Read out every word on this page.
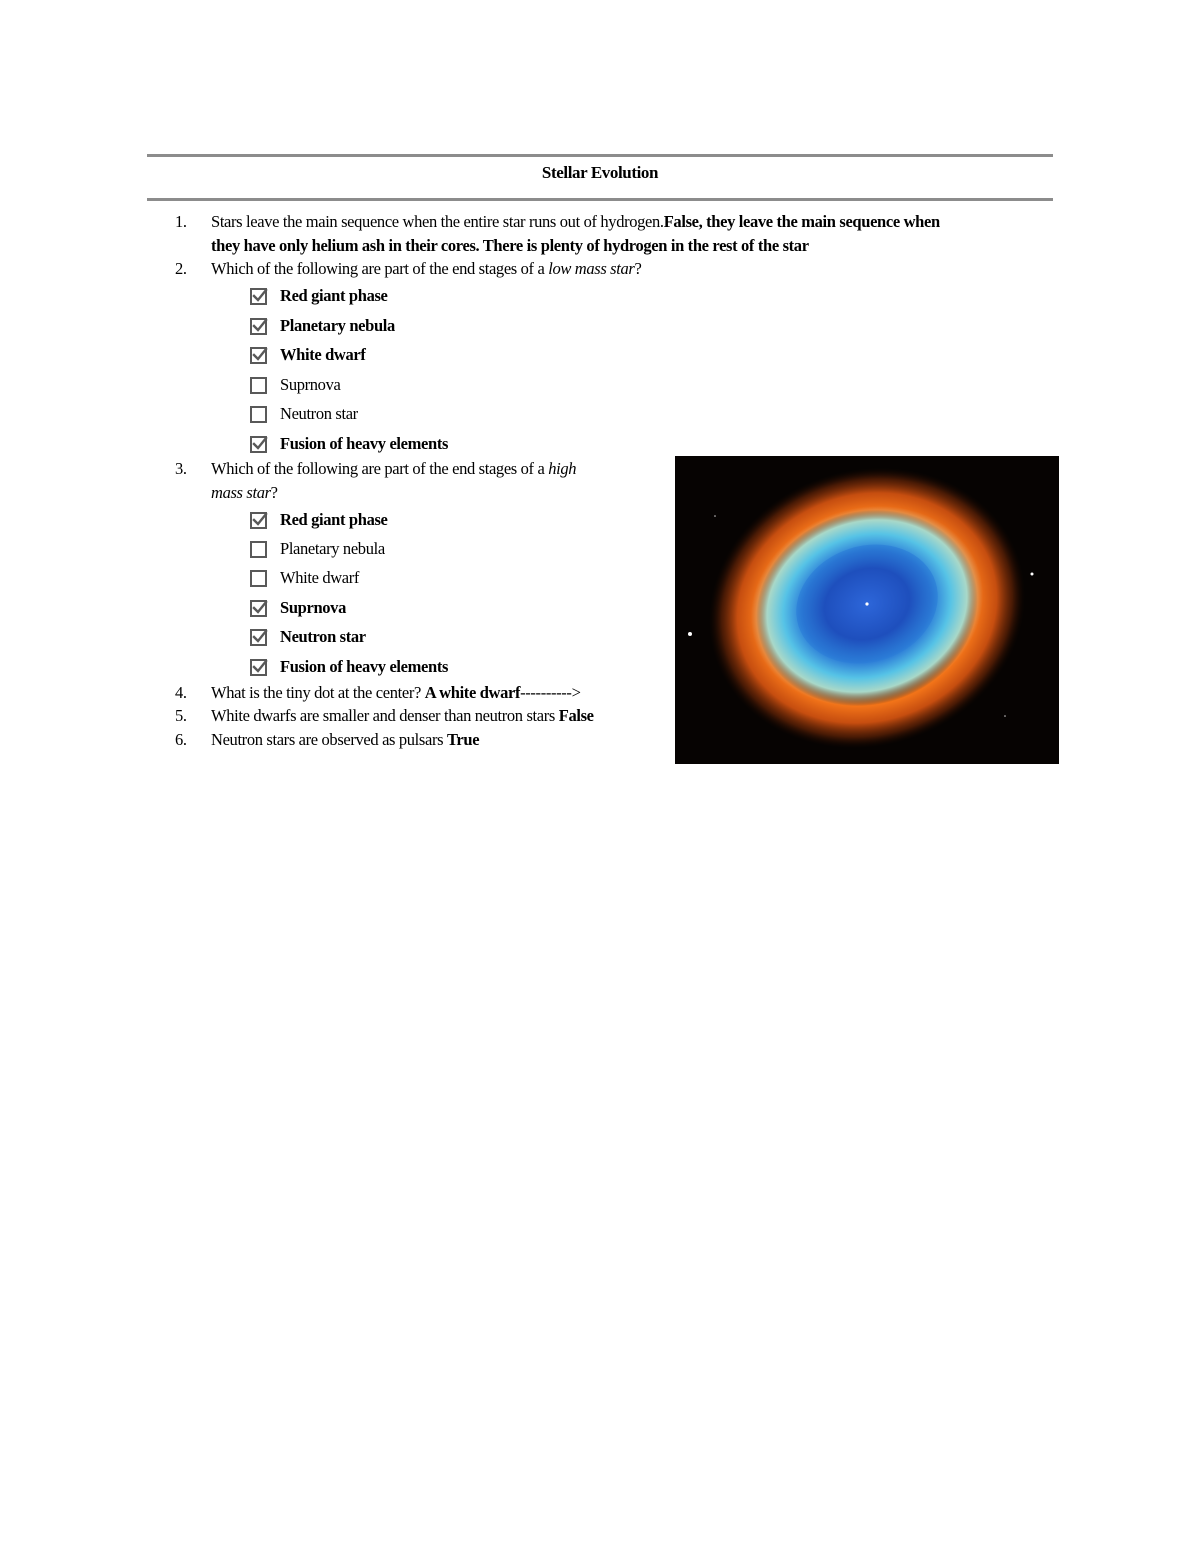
Stellar Evolution
1.	Stars leave the main sequence when the entire star runs out of hydrogen.False, they leave the main sequence when
they have only helium ash in their cores. There is plenty of hydrogen in the rest of the star
2.	Which of the following are part of the end stages of a low mass star?
Red giant phase
Planetary nebula
White dwarf
Suprnova
Neutron star
Fusion of heavy elements
3.	Which of the following are part of the end stages of a high
mass star?
Red giant phase
Planetary nebula
White dwarf
Suprnova
Neutron star
Fusion of heavy elements
4.	What is the tiny dot at the center? A white dwarf---------->
5.	White dwarfs are smaller and denser than neutron stars False
6.	Neutron stars are observed as pulsars True
